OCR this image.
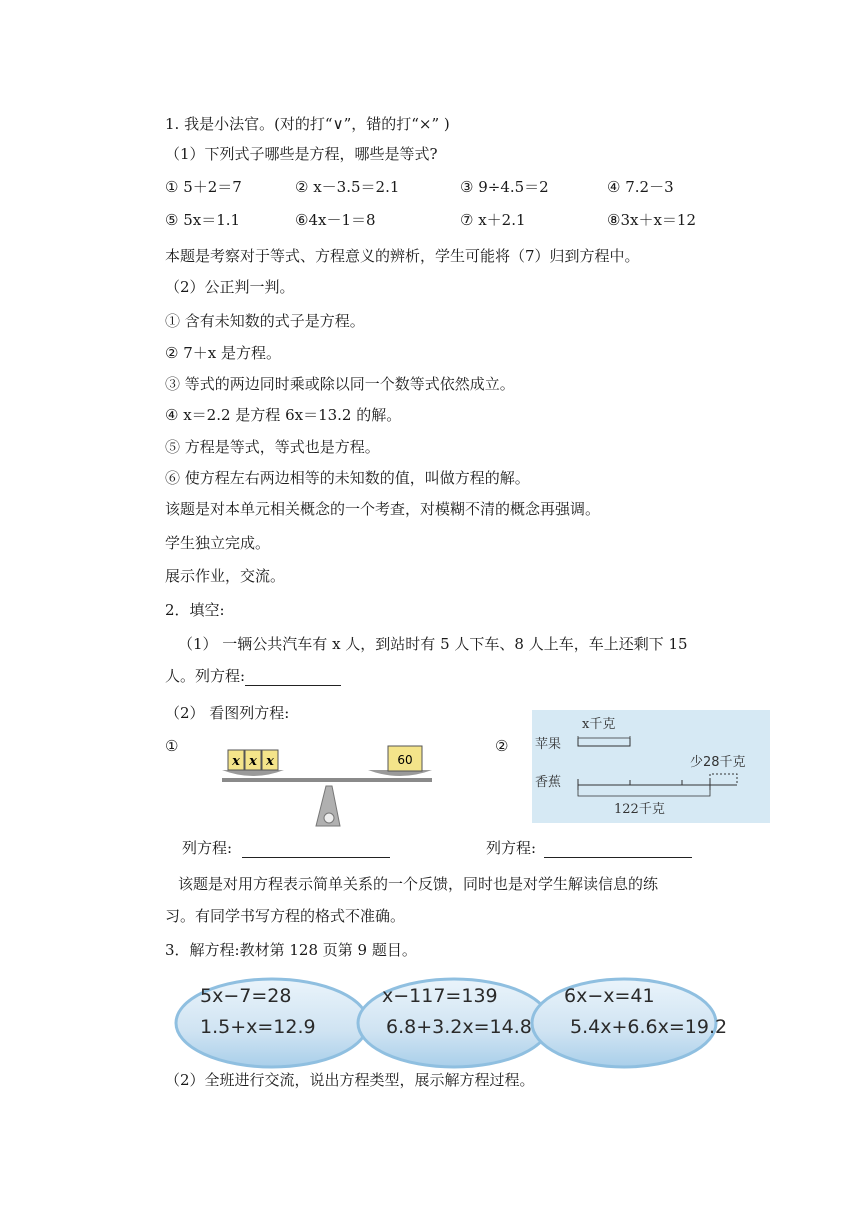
1. 我是小法官。(对的打“∨”，错的打“×” )
（1）下列式子哪些是方程，哪些是等式?
① 5＋2＝7	② x－3.5＝2.1	③ 9÷4.5＝2	④ 7.2－3
⑤ 5x＝1.1	⑥4x－1＝8	⑦ x＋2.1	⑧3x＋x＝12
本题是考察对于等式、方程意义的辨析，学生可能将（7）归到方程中。
（2）公正判一判。
① 含有未知数的式子是方程。
② 7＋x 是方程。
③ 等式的两边同时乘或除以同一个数等式依然成立。
④ x＝2.2 是方程 6x＝13.2 的解。
⑤ 方程是等式，等式也是方程。
⑥ 使方程左右两边相等的未知数的值，叫做方程的解。
该题是对本单元相关概念的一个考查，对模糊不清的概念再强调。
学生独立完成。
展示作业，交流。
2．填空:
（1） 一辆公共汽车有 x 人，到站时有 5 人下车、8 人上车，车上还剩下 15
人。列方程:
（2） 看图列方程:
①	②
x x x	60
x千克
苹果
香蕉
少28千克
122千克
列方程:	列方程:
该题是对用方程表示简单关系的一个反馈，同时也是对学生解读信息的练
习。有同学书写方程的格式不准确。
3．解方程:教材第 128 页第 9 题目。
5x−7=28
1.5+x=12.9
x−117=139
6.8+3.2x=14.8
6x−x=41
5.4x+6.6x=19.2
（2）全班进行交流，说出方程类型，展示解方程过程。
